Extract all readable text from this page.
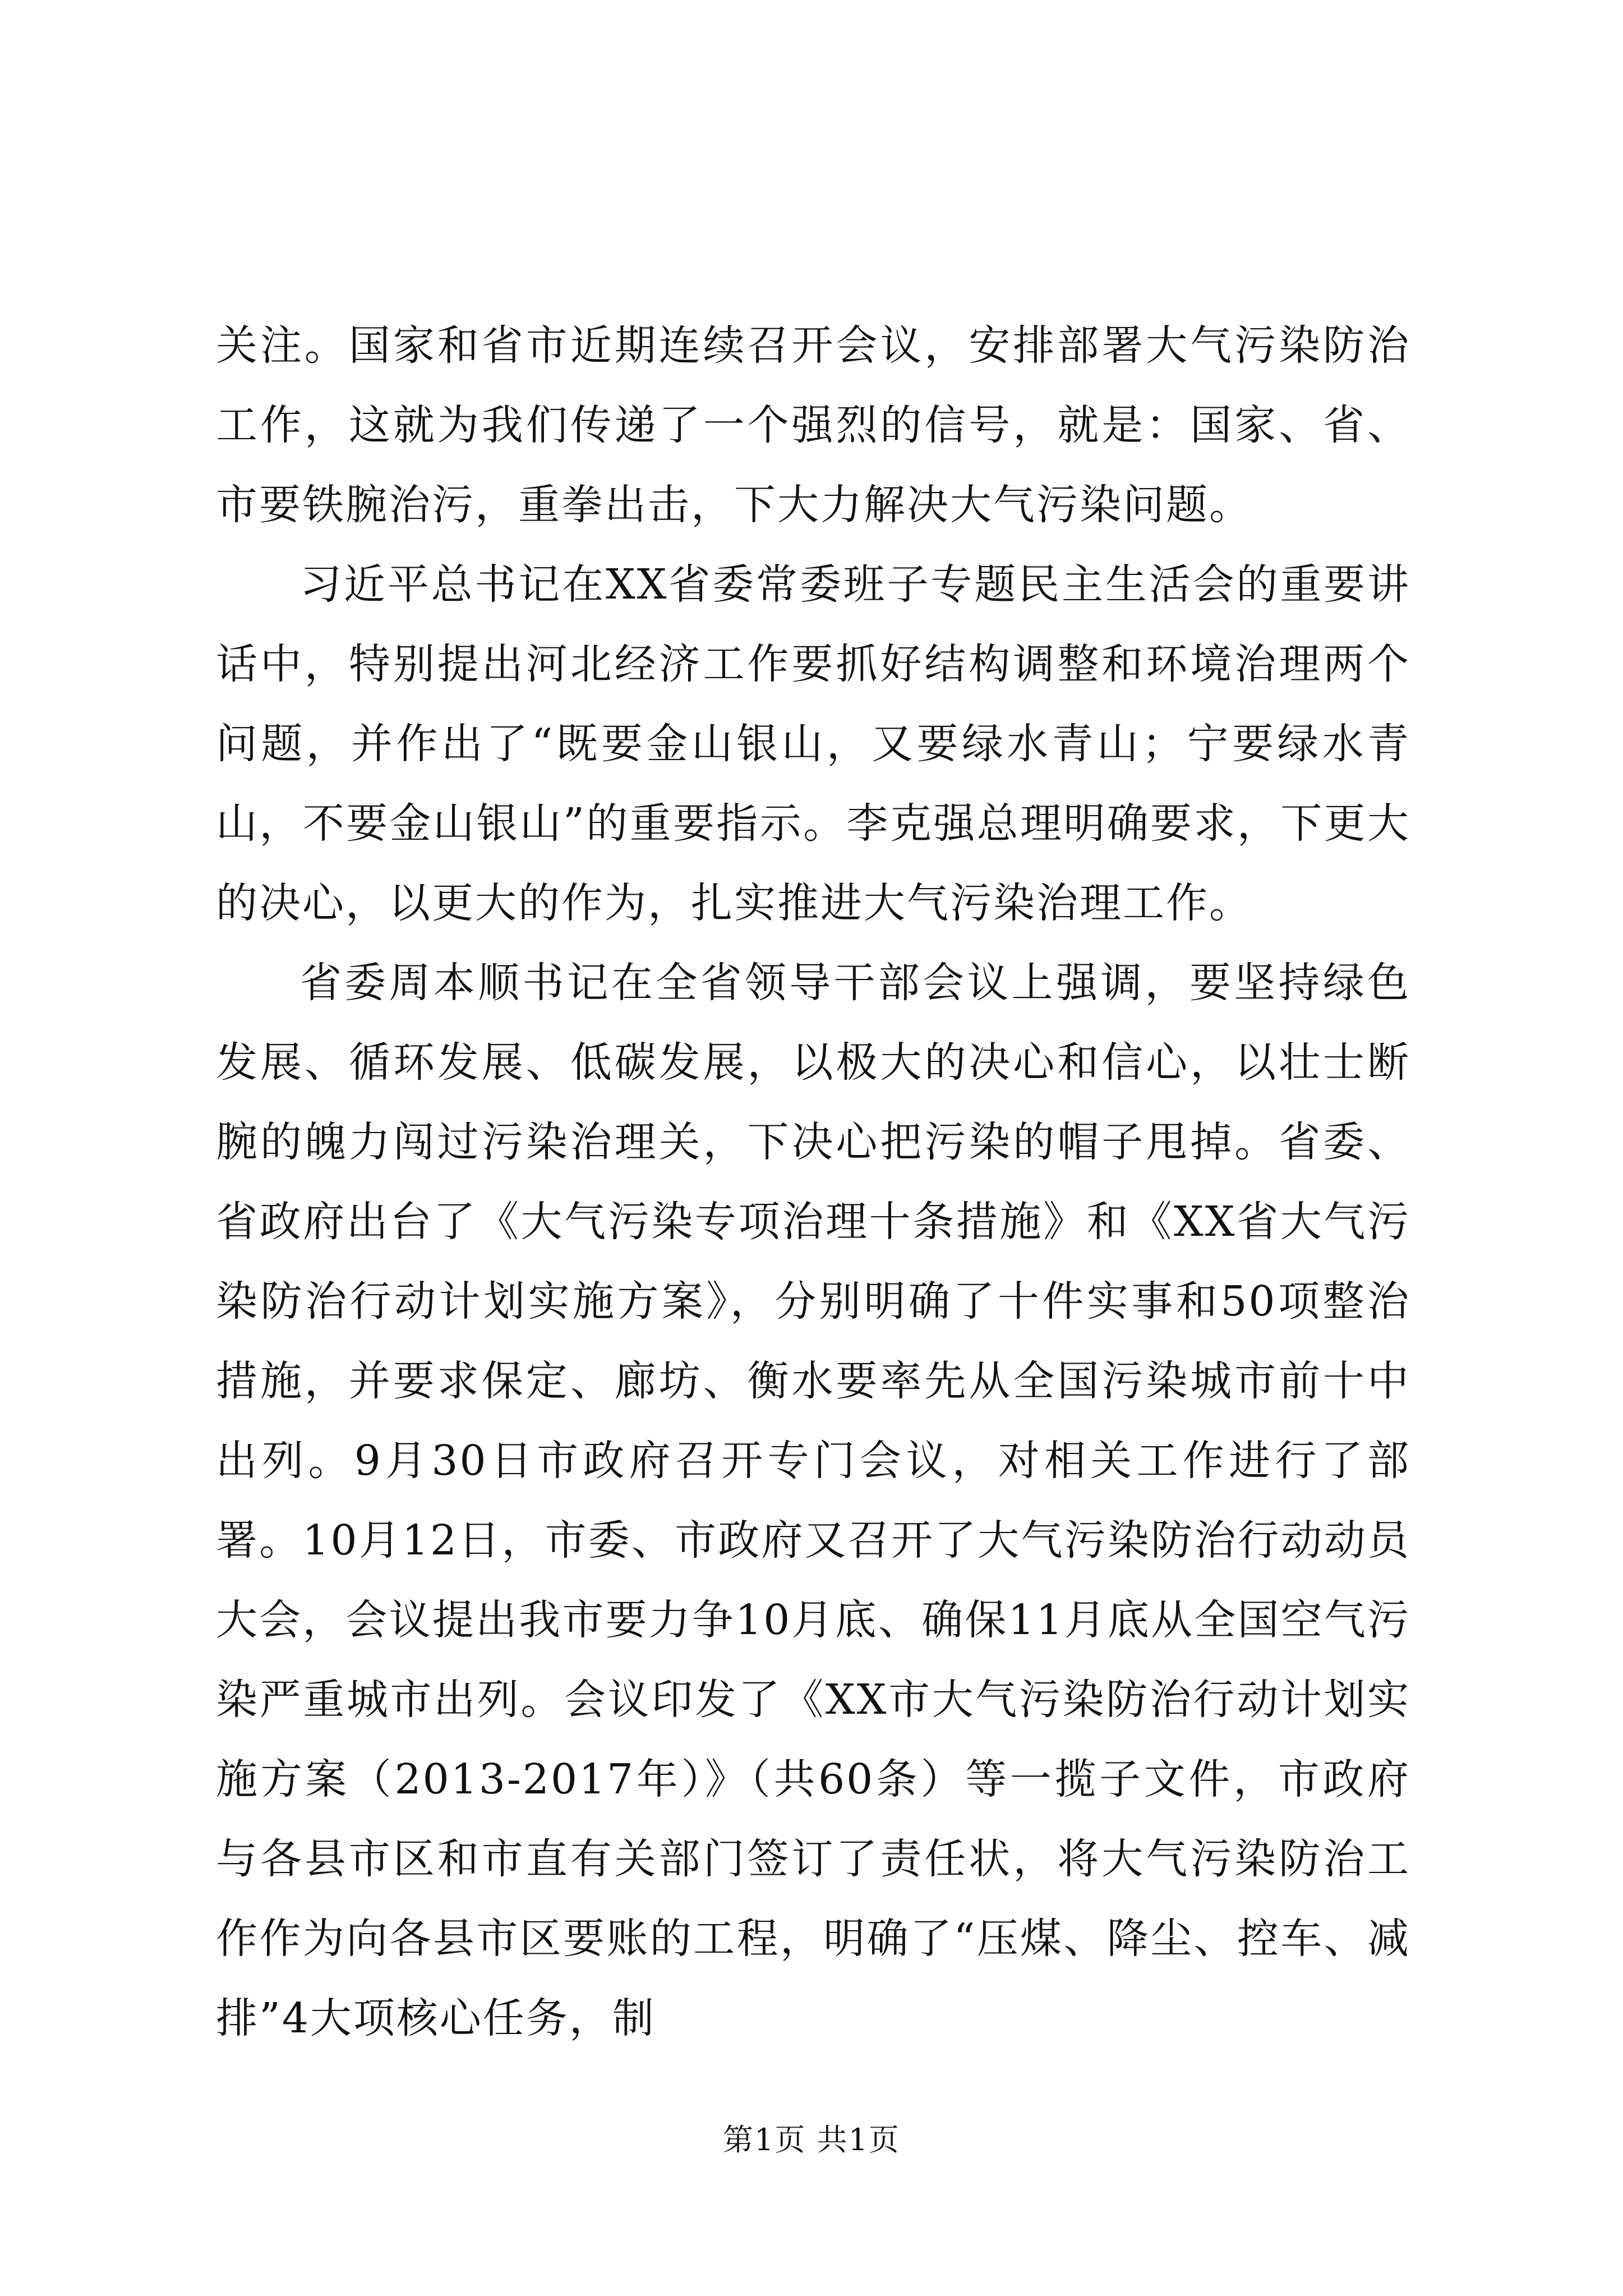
关注。国家和省市近期连续召开会议，安排部署大气污染防治工作，这就为我们传递了一个强烈的信号，就是：国家、省、市要铁腕治污，重拳出击，下大力解决大气污染问题。

习近平总书记在XX省委常委班子专题民主生活会的重要讲话中，特别提出河北经济工作要抓好结构调整和环境治理两个问题，并作出了“既要金山银山，又要绿水青山；宁要绿水青山，不要金山银山”的重要指示。李克强总理明确要求，下更大的决心，以更大的作为，扎实推进大气污染治理工作。

省委周本顺书记在全省领导干部会议上强调，要坚持绿色发展、循环发展、低碳发展，以极大的决心和信心，以壮士断腕的魄力闯过污染治理关，下决心把污染的帽子甩掉。省委、省政府出台了《大气污染专项治理十条措施》和《XX省大气污染防治行动计划实施方案》，分别明确了十件实事和50项整治措施，并要求保定、廊坊、衡水要率先从全国污染城市前十中出列。9月30日市政府召开专门会议，对相关工作进行了部署。10月12日，市委、市政府又召开了大气污染防治行动动员大会，会议提出我市要力争10月底、确保11月底从全国空气污染严重城市出列。会议印发了《XX市大气污染防治行动计划实施方案（2013-2017年）》（共60条）等一揽子文件，市政府与各县市区和市直有关部门签订了责任状，将大气污染防治工作作为向各县市区要账的工程，明确了“压煤、降尘、控车、减排”4大项核心任务，制

第1页 共1页
